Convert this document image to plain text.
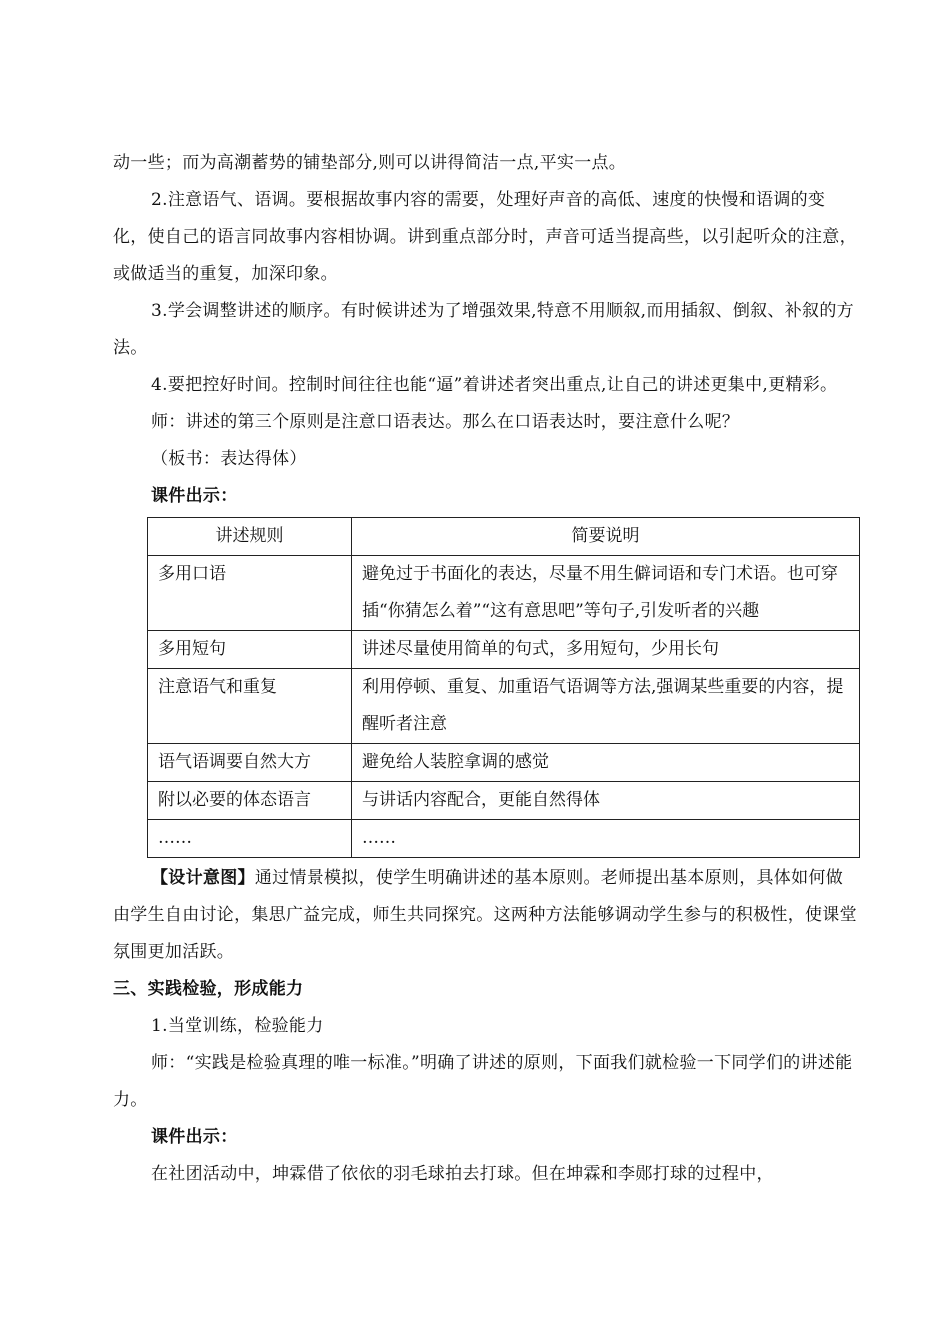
动一些；而为高潮蓄势的铺垫部分,则可以讲得简洁一点,平实一点。

2.注意语气、语调。要根据故事内容的需要，处理好声音的高低、速度的快慢和语调的变化，使自己的语言同故事内容相协调。讲到重点部分时，声音可适当提高些，以引起听众的注意，或做适当的重复，加深印象。

3.学会调整讲述的顺序。有时候讲述为了增强效果,特意不用顺叙,而用插叙、倒叙、补叙的方法。

4.要把控好时间。控制时间往往也能“逼”着讲述者突出重点,让自己的讲述更集中,更精彩。

师：讲述的第三个原则是注意口语表达。那么在口语表达时，要注意什么呢？

（板书：表达得体）

课件出示：

讲述规则	简要说明
多用口语	避免过于书面化的表达，尽量不用生僻词语和专门术语。也可穿插“你猜怎么着”“这有意思吧”等句子,引发听者的兴趣
多用短句	讲述尽量使用简单的句式，多用短句，少用长句
注意语气和重复	利用停顿、重复、加重语气语调等方法,强调某些重要的内容，提醒听者注意
语气语调要自然大方	避免给人装腔拿调的感觉
附以必要的体态语言	与讲话内容配合，更能自然得体
……	……

【设计意图】通过情景模拟，使学生明确讲述的基本原则。老师提出基本原则，具体如何做由学生自由讨论，集思广益完成，师生共同探究。这两种方法能够调动学生参与的积极性，使课堂氛围更加活跃。

三、实践检验，形成能力

1.当堂训练，检验能力

师：“实践是检验真理的唯一标准。”明确了讲述的原则，下面我们就检验一下同学们的讲述能力。

课件出示：

在社团活动中，坤霖借了依依的羽毛球拍去打球。但在坤霖和李郧打球的过程中，
